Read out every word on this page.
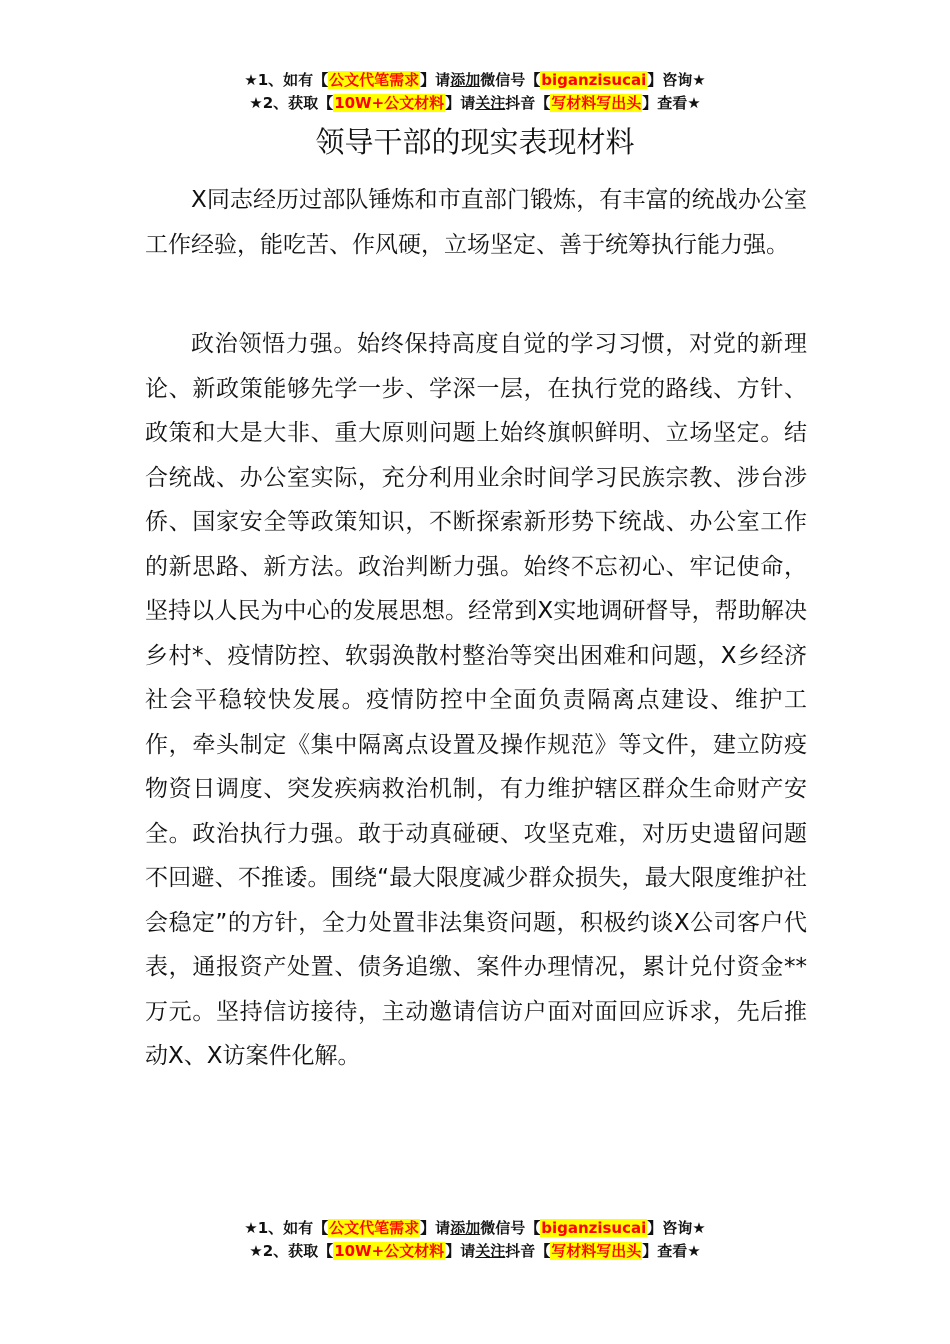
★1、如有【公文代笔需求】请添加微信号【biganzisucai】咨询★
★2、获取【10W+公文材料】请关注抖音【写材料写出头】查看★
领导干部的现实表现材料

X同志经历过部队锤炼和市直部门锻炼，有丰富的统战办公室工作经验，能吃苦、作风硬，立场坚定、善于统筹执行能力强。

政治领悟力强。始终保持高度自觉的学习习惯，对党的新理论、新政策能够先学一步、学深一层，在执行党的路线、方针、政策和大是大非、重大原则问题上始终旗帜鲜明、立场坚定。结合统战、办公室实际，充分利用业余时间学习民族宗教、涉台涉侨、国家安全等政策知识，不断探索新形势下统战、办公室工作的新思路、新方法。政治判断力强。始终不忘初心、牢记使命，坚持以人民为中心的发展思想。经常到X实地调研督导，帮助解决乡村*、疫情防控、软弱涣散村整治等突出困难和问题，X乡经济社会平稳较快发展。疫情防控中全面负责隔离点建设、维护工作，牵头制定《集中隔离点设置及操作规范》等文件，建立防疫物资日调度、突发疾病救治机制，有力维护辖区群众生命财产安全。政治执行力强。敢于动真碰硬、攻坚克难，对历史遗留问题不回避、不推诿。围绕“最大限度减少群众损失，最大限度维护社会稳定”的方针，全力处置非法集资问题，积极约谈X公司客户代表，通报资产处置、债务追缴、案件办理情况，累计兑付资金**万元。坚持信访接待，主动邀请信访户面对面回应诉求，先后推动X、X访案件化解。

★1、如有【公文代笔需求】请添加微信号【biganzisucai】咨询★
★2、获取【10W+公文材料】请关注抖音【写材料写出头】查看★
